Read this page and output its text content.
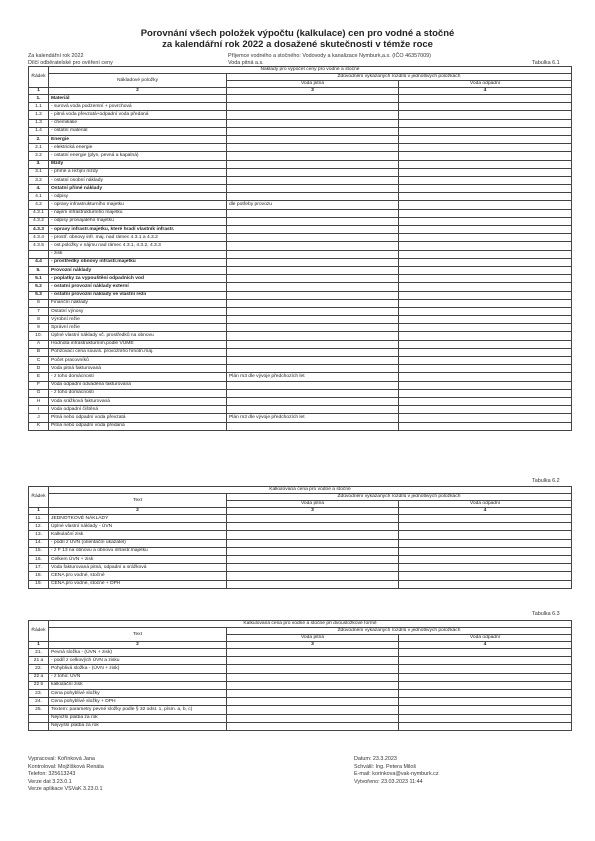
Porovnání všech položek výpočtu (kalkulace) cen pro vodné a stočné
za kalendářní rok 2022 a dosažené skutečnosti v témže roce
Za kalendářní rok 2022	Příjemce vodného a stočného: Vodovody a kanalizace Nymburk,a.s. (IČO 46357009)
Dílčí odběratelské pro ověření ceny	Voda pitná a.s.	Tabulka 6.1
Řádek	Náklady pro výpočet ceny pro vodné a stočné		
	Nákladové položky	Zdůvodnění vykázaných rozdílů v jednotlivých položkách	
		Voda pitná	Voda odpadní
1	2	3	4
1.	Materiál		
1.1	- surová voda podzemní + povrchová		
1.2	- pitná voda převzatá+odpadní voda předaná		
1.3	- chemikálie		
1.4	- ostatní materiál		
2.	Energie		
2.1	- elektrická energie		
2.2	- ostatní energie (plyn, pevná a kapalná)		
3.	Mzdy		
3.1	- přímé a režijní mzdy		
3.2	- ostatní osobní náklady		
4.	Ostatní přímé náklady		
4.1	- odpisy		
4.2	- opravy infrastrukturního majetku	dle potřeby provozu	
4.3.1	- nájem infrastrukturního majetku		
4.3.2	- odpisy pronajatého majetku		
4.3.3	- opravy infrastr.majetku, které hradí vlastník infrastr.		
4.3.4	- prostř. obnovy infr. maj. nad rámec 4.3.1 a 4.3.2		
4.3.5	- ost.položky v nájmu nad rámec 4.3.1, 4.3.2, 4.3.3		
	- zisk		
4.4	- prostředky obnovy infrastr.majetku		
5.	Provozní náklady		
5.1	- poplatky za vypouštění odpadních vod		
5.2	- ostatní provozní náklady externí		
5.3	- ostatní provozní náklady ve vlastní režii		
6	Finanční náklady		
7	Ostatní výnosy		
8	Výrobní režie		
9	Správní režie		
10.	Úplné vlastní náklady vč. prostředků na obnovu		
A	Hodnota infrastrukturním.podle VÚME		
B	Pořizovací cena souvis. provozního hmotn.maj.		
C	Počet pracovníků		
D	Voda pitná fakturovaná		
E	- z toho domácnosti	Plán m3 dle vývoje předchozích let	
F	Voda odpadní odváděná fakturovaná		
G	- z toho domácnosti		
H	Voda srážková fakturovaná		
I	Voda odpadní čištěná		
J	Pitná nebo odpadní voda převzatá	Plán m3 dle vývoje předchozích let	
K	Pitná nebo odpadní voda předaná		
Tabulka 6.2
Řádek	Kalkulovaná cena pro vodné a stočné		
	Text	Zdůvodnění vykázaných rozdílů v jednotlivých položkách	
		Voda pitná	Voda odpadní
1	2	3	4
11.	JEDNOTKOVÉ NÁKLADY		
12.	Úplné vlastní náklady - ÚVN		
13.	Kalkulační zisk		
14.	- podíl z ÚVN (orientační ukazatel)		
15.	- z F 13 na obnovu a obnovu infrastr.majetku		
16.	Celkem ÚVN + zisk		
17.	Voda fakturovaná pitná, odpadní a srážková		
18.	CENA pro vodné, stočné		
19.	CENA pro vodné, stočné + DPH		
Tabulka 6.3
Řádek	Kalkulovaná cena pro vodné a stočné při dvousložkové formě		
	Text	Zdůvodnění vykázaných rozdílů v jednotlivých položkách	
		Voda pitná	Voda odpadní
1	2	3	4
21.	Pevná složka - (ÚVN + zisk)		
21 a	- podíl z celkových ÚVN a zisku		
22.	Pohyblivá složka - (ÚVN + zisk)		
22 a	- z toho: ÚVN		
22 b	kalkulační zisk		
23.	Cena pohyblivé složky		
24.	Cena pohyblivé složky + DPH		
25.	Textem: parametry pevné složky podle § 32 odst. 1, písm. a, b, c)		
	Nejnižší platba za rok		
	Nejvyšší platba za rok		
Vypracoval: Kořínková Jana
Kontroloval: Mojžíšková Renáta
Telefon: 325613243
Verze dat 3.23.0.1
Verze aplikace VSVaK 3.23.0.1
Datum: 23.3.2023
Schválil: Ing. Petera Miloš
E-mail: korinkova@vak-nymburk.cz
Vytvořeno: 23.03.2023 11:44
